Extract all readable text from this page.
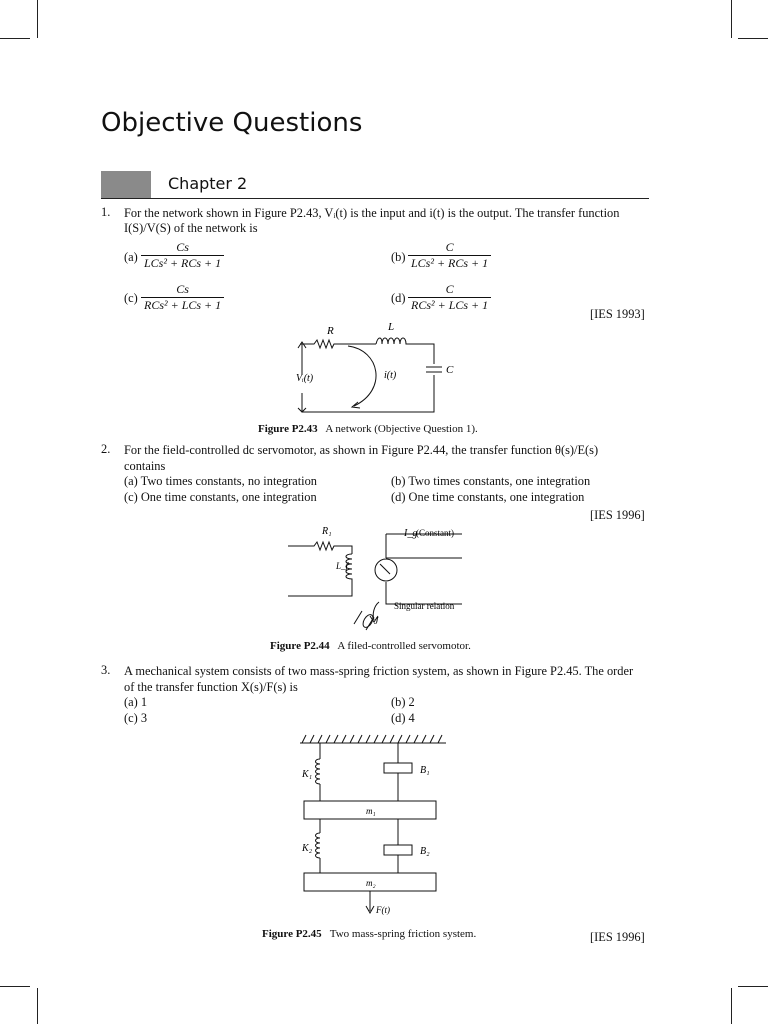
Objective Questions
Chapter 2
1. For the network shown in Figure P2.43, Vᵢ(t) is the input and i(t) is the output. The transfer function
I(S)/V(S) of the network is
(a)
Cs
LCs² + RCs + 1	(b)
C
LCs² + RCs + 1
(c)
Cs
RCs² + LCs + 1	(d)
C
RCs² + LCs + 1
[IES 1993]
R	L
C
Vᵢ(t)	i(t)
Figure P2.43 A network (Objective Question 1).
2. For the field-controlled dc servomotor, as shown in Figure P2.44, the transfer function θ(s)/E(s)
contains
(a) Two times constants, no integration	(b) Two times constants, one integration
(c) One time constants, one integration	(d) One time constants, one integration
[IES 1996]
R₁
L_f
I_g
(Constant)
Singular relation
J
Figure P2.44 A filed-controlled servomotor.
3. A mechanical system consists of two mass-spring friction system, as shown in Figure P2.45. The order
of the transfer function X(s)/F(s) is
(a) 1	(b) 2
(c) 3	(d) 4
K₁	B₁
m₁
K₂	B₂
m₂
F(t)
Figure P2.45 Two mass-spring friction system.	[IES 1996]
